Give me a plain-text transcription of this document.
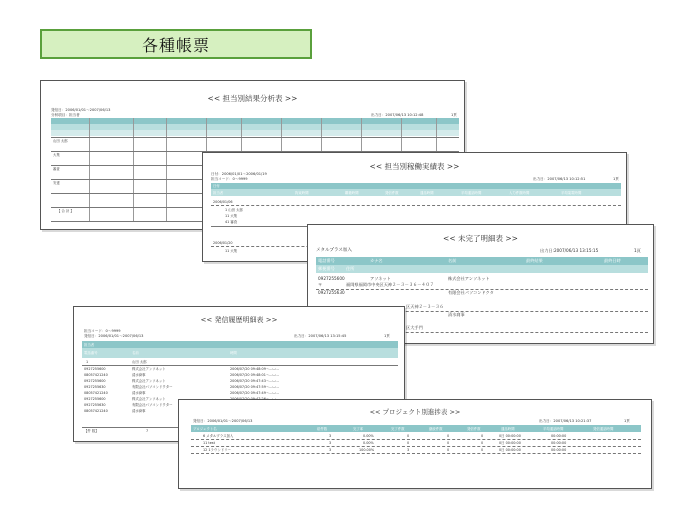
各種帳票
<< 担当別結果分析表 >>
発信日：2006/01/01～2007/06/13
分析項目：担当者	出力日：2007/06/13 10:12:48	1頁
山田 太郎
大集
審査
安達
【 合 計 】
<< 担当別稼働実績表 >>
日付：2006/01/01～2006/01/19
担当コード：0～9999	出力日：2007/06/13 10:12:51	1頁
日付
担当者	拘束時間	離籍時間	発信件数	通話時間	平均通話時間	入力件数時間	平均架電時間
2006/01/06
1 山田 太郎
11 大集
41 審査
2006/01/20
11 大集
<< 未完了明細表 >>
メタルプラス加入	出力日:2007/06/13 13:15:15	1頁
電話番号	カナ名	名前	最終結果	最終日時
郵便番号	住所
0927255600	アソネット	株式会社アンソネット
〒	福岡県福岡市中央区天神２－３－３６－４０７
0927255630	有限会社パソコンドクタ
区天神２－３－３６
清水商事
区大手門
<< 発信履歴明細表 >>
担当コード：0～9999
発信日：2006/01/01～2007/06/13	出力日：2007/06/13 13:15:45	1頁
担当者
電話番号	名前	時間
1	山田 太郎
0927255600	株式会社アンソネット	2006/07/20 09:48:09～--:--:--
08057421240	清水商事	2006/07/20 09:48:01～--:--:--
0927255600	株式会社アンソネット	2006/07/20 09:47:43～--:--:--
0927255630	有限会社パソコンドクター	2006/07/20 09:47:59～--:--:--
08057421240	清水商事	2006/07/20 09:47:49～--:--:--
0927255600	株式会社アンソネット
0927255630	有限会社パソコンドクター
08057421240	清水商事
【件 数】	7
<< プロジェクト別進捗表 >>
発信日：2006/01/01～2007/06/13	出力日：2007/06/13 10:21:37	1頁
プロジェクト名	総件数	完了率	完了件数	継続件数	発信件数	通話時間	平均通話時間	発信通話時間
6 メタルプラス加入	3	0.00%	0	0	0	0日 00:00:00	00:00:00
11 test	3	0.00%	0	0	0	0日 00:00:00	00:00:00
12 1ラウンドリー	3	100.00%	3	0	0	0日 00:00:00	00:00:00
